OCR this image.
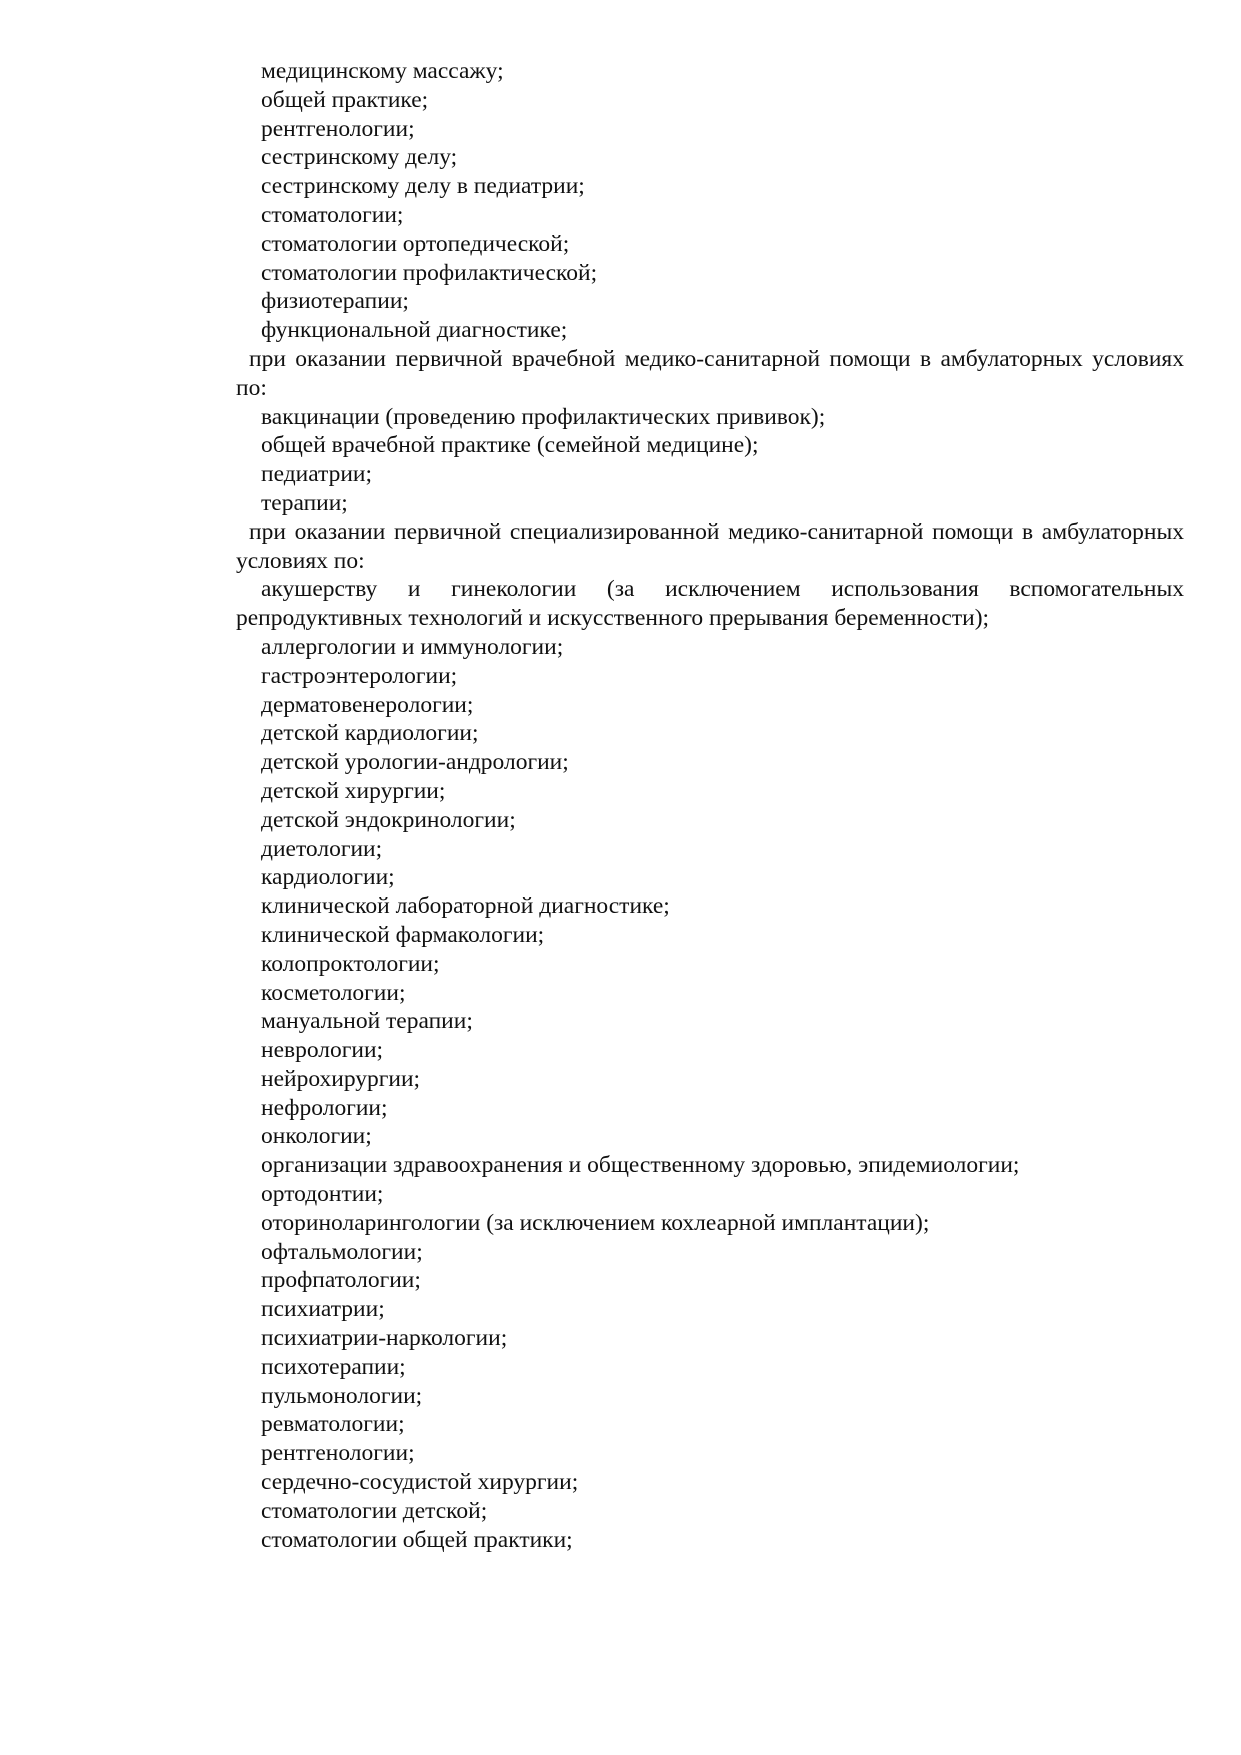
медицинскому массажу;
общей практике;
рентгенологии;
сестринскому делу;
сестринскому делу в педиатрии;
стоматологии;
стоматологии ортопедической;
стоматологии профилактической;
физиотерапии;
функциональной диагностике;

при оказании первичной врачебной медико-санитарной помощи в амбулаторных условиях по:

вакцинации (проведению профилактических прививок);
общей врачебной практике (семейной медицине);
педиатрии;
терапии;

при оказании первичной специализированной медико-санитарной помощи в амбулаторных условиях по:

акушерству и гинекологии (за исключением использования вспомогательных репродуктивных технологий и искусственного прерывания беременности);

аллергологии и иммунологии;
гастроэнтерологии;
дерматовенерологии;
детской кардиологии;
детской урологии-андрологии;
детской хирургии;
детской эндокринологии;
диетологии;
кардиологии;
клинической лабораторной диагностике;
клинической фармакологии;
колопроктологии;
косметологии;
мануальной терапии;
неврологии;
нейрохирургии;
нефрологии;
онкологии;
организации здравоохранения и общественному здоровью, эпидемиологии;
ортодонтии;
оториноларингологии (за исключением кохлеарной имплантации);
офтальмологии;
профпатологии;
психиатрии;
психиатрии-наркологии;
психотерапии;
пульмонологии;
ревматологии;
рентгенологии;
сердечно-сосудистой хирургии;
стоматологии детской;
стоматологии общей практики;
